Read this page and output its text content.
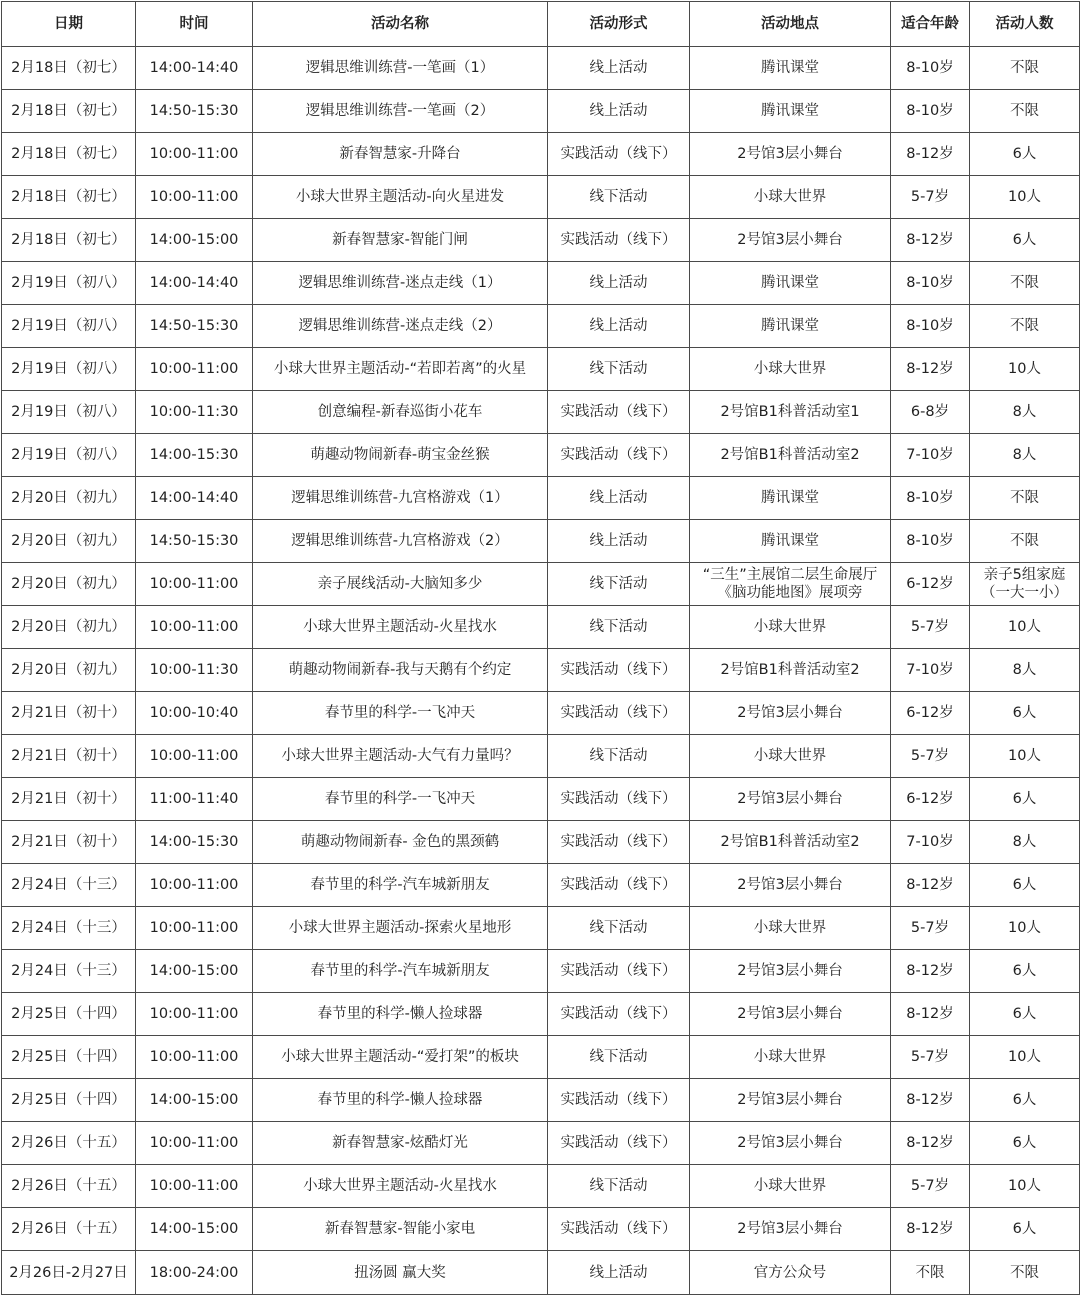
日期	时间	活动名称	活动形式	活动地点	适合年龄	活动人数
2月18日（初七）	14:00-14:40	逻辑思维训练营-一笔画（1）	线上活动	腾讯课堂	8-10岁	不限
2月18日（初七）	14:50-15:30	逻辑思维训练营-一笔画（2）	线上活动	腾讯课堂	8-10岁	不限
2月18日（初七）	10:00-11:00	新春智慧家-升降台	实践活动（线下）	2号馆3层小舞台	8-12岁	6人
2月18日（初七）	10:00-11:00	小球大世界主题活动-向火星进发	线下活动	小球大世界	5-7岁	10人
2月18日（初七）	14:00-15:00	新春智慧家-智能门闸	实践活动（线下）	2号馆3层小舞台	8-12岁	6人
2月19日（初八）	14:00-14:40	逻辑思维训练营-迷点走线（1）	线上活动	腾讯课堂	8-10岁	不限
2月19日（初八）	14:50-15:30	逻辑思维训练营-迷点走线（2）	线上活动	腾讯课堂	8-10岁	不限
2月19日（初八）	10:00-11:00	小球大世界主题活动-“若即若离”的火星	线下活动	小球大世界	8-12岁	10人
2月19日（初八）	10:00-11:30	创意编程-新春巡街小花车	实践活动（线下）	2号馆B1科普活动室1	6-8岁	8人
2月19日（初八）	14:00-15:30	萌趣动物闹新春-萌宝金丝猴	实践活动（线下）	2号馆B1科普活动室2	7-10岁	8人
2月20日（初九）	14:00-14:40	逻辑思维训练营-九宫格游戏（1）	线上活动	腾讯课堂	8-10岁	不限
2月20日（初九）	14:50-15:30	逻辑思维训练营-九宫格游戏（2）	线上活动	腾讯课堂	8-10岁	不限
2月20日（初九）	10:00-11:00	亲子展线活动-大脑知多少	线下活动	“三生”主展馆二层生命展厅《脑功能地图》展项旁	6-12岁	亲子5组家庭（一大一小）
2月20日（初九）	10:00-11:00	小球大世界主题活动-火星找水	线下活动	小球大世界	5-7岁	10人
2月20日（初九）	10:00-11:30	萌趣动物闹新春-我与天鹅有个约定	实践活动（线下）	2号馆B1科普活动室2	7-10岁	8人
2月21日（初十）	10:00-10:40	春节里的科学-一飞冲天	实践活动（线下）	2号馆3层小舞台	6-12岁	6人
2月21日（初十）	10:00-11:00	小球大世界主题活动-大气有力量吗？	线下活动	小球大世界	5-7岁	10人
2月21日（初十）	11:00-11:40	春节里的科学-一飞冲天	实践活动（线下）	2号馆3层小舞台	6-12岁	6人
2月21日（初十）	14:00-15:30	萌趣动物闹新春- 金色的黑颈鹤	实践活动（线下）	2号馆B1科普活动室2	7-10岁	8人
2月24日（十三）	10:00-11:00	春节里的科学-汽车城新朋友	实践活动（线下）	2号馆3层小舞台	8-12岁	6人
2月24日（十三）	10:00-11:00	小球大世界主题活动-探索火星地形	线下活动	小球大世界	5-7岁	10人
2月24日（十三）	14:00-15:00	春节里的科学-汽车城新朋友	实践活动（线下）	2号馆3层小舞台	8-12岁	6人
2月25日（十四）	10:00-11:00	春节里的科学-懒人捡球器	实践活动（线下）	2号馆3层小舞台	8-12岁	6人
2月25日（十四）	10:00-11:00	小球大世界主题活动-“爱打架”的板块	线下活动	小球大世界	5-7岁	10人
2月25日（十四）	14:00-15:00	春节里的科学-懒人捡球器	实践活动（线下）	2号馆3层小舞台	8-12岁	6人
2月26日（十五）	10:00-11:00	新春智慧家-炫酷灯光	实践活动（线下）	2号馆3层小舞台	8-12岁	6人
2月26日（十五）	10:00-11:00	小球大世界主题活动-火星找水	线下活动	小球大世界	5-7岁	10人
2月26日（十五）	14:00-15:00	新春智慧家-智能小家电	实践活动（线下）	2号馆3层小舞台	8-12岁	6人
2月26日-2月27日	18:00-24:00	扭汤圆 赢大奖	线上活动	官方公众号	不限	不限
